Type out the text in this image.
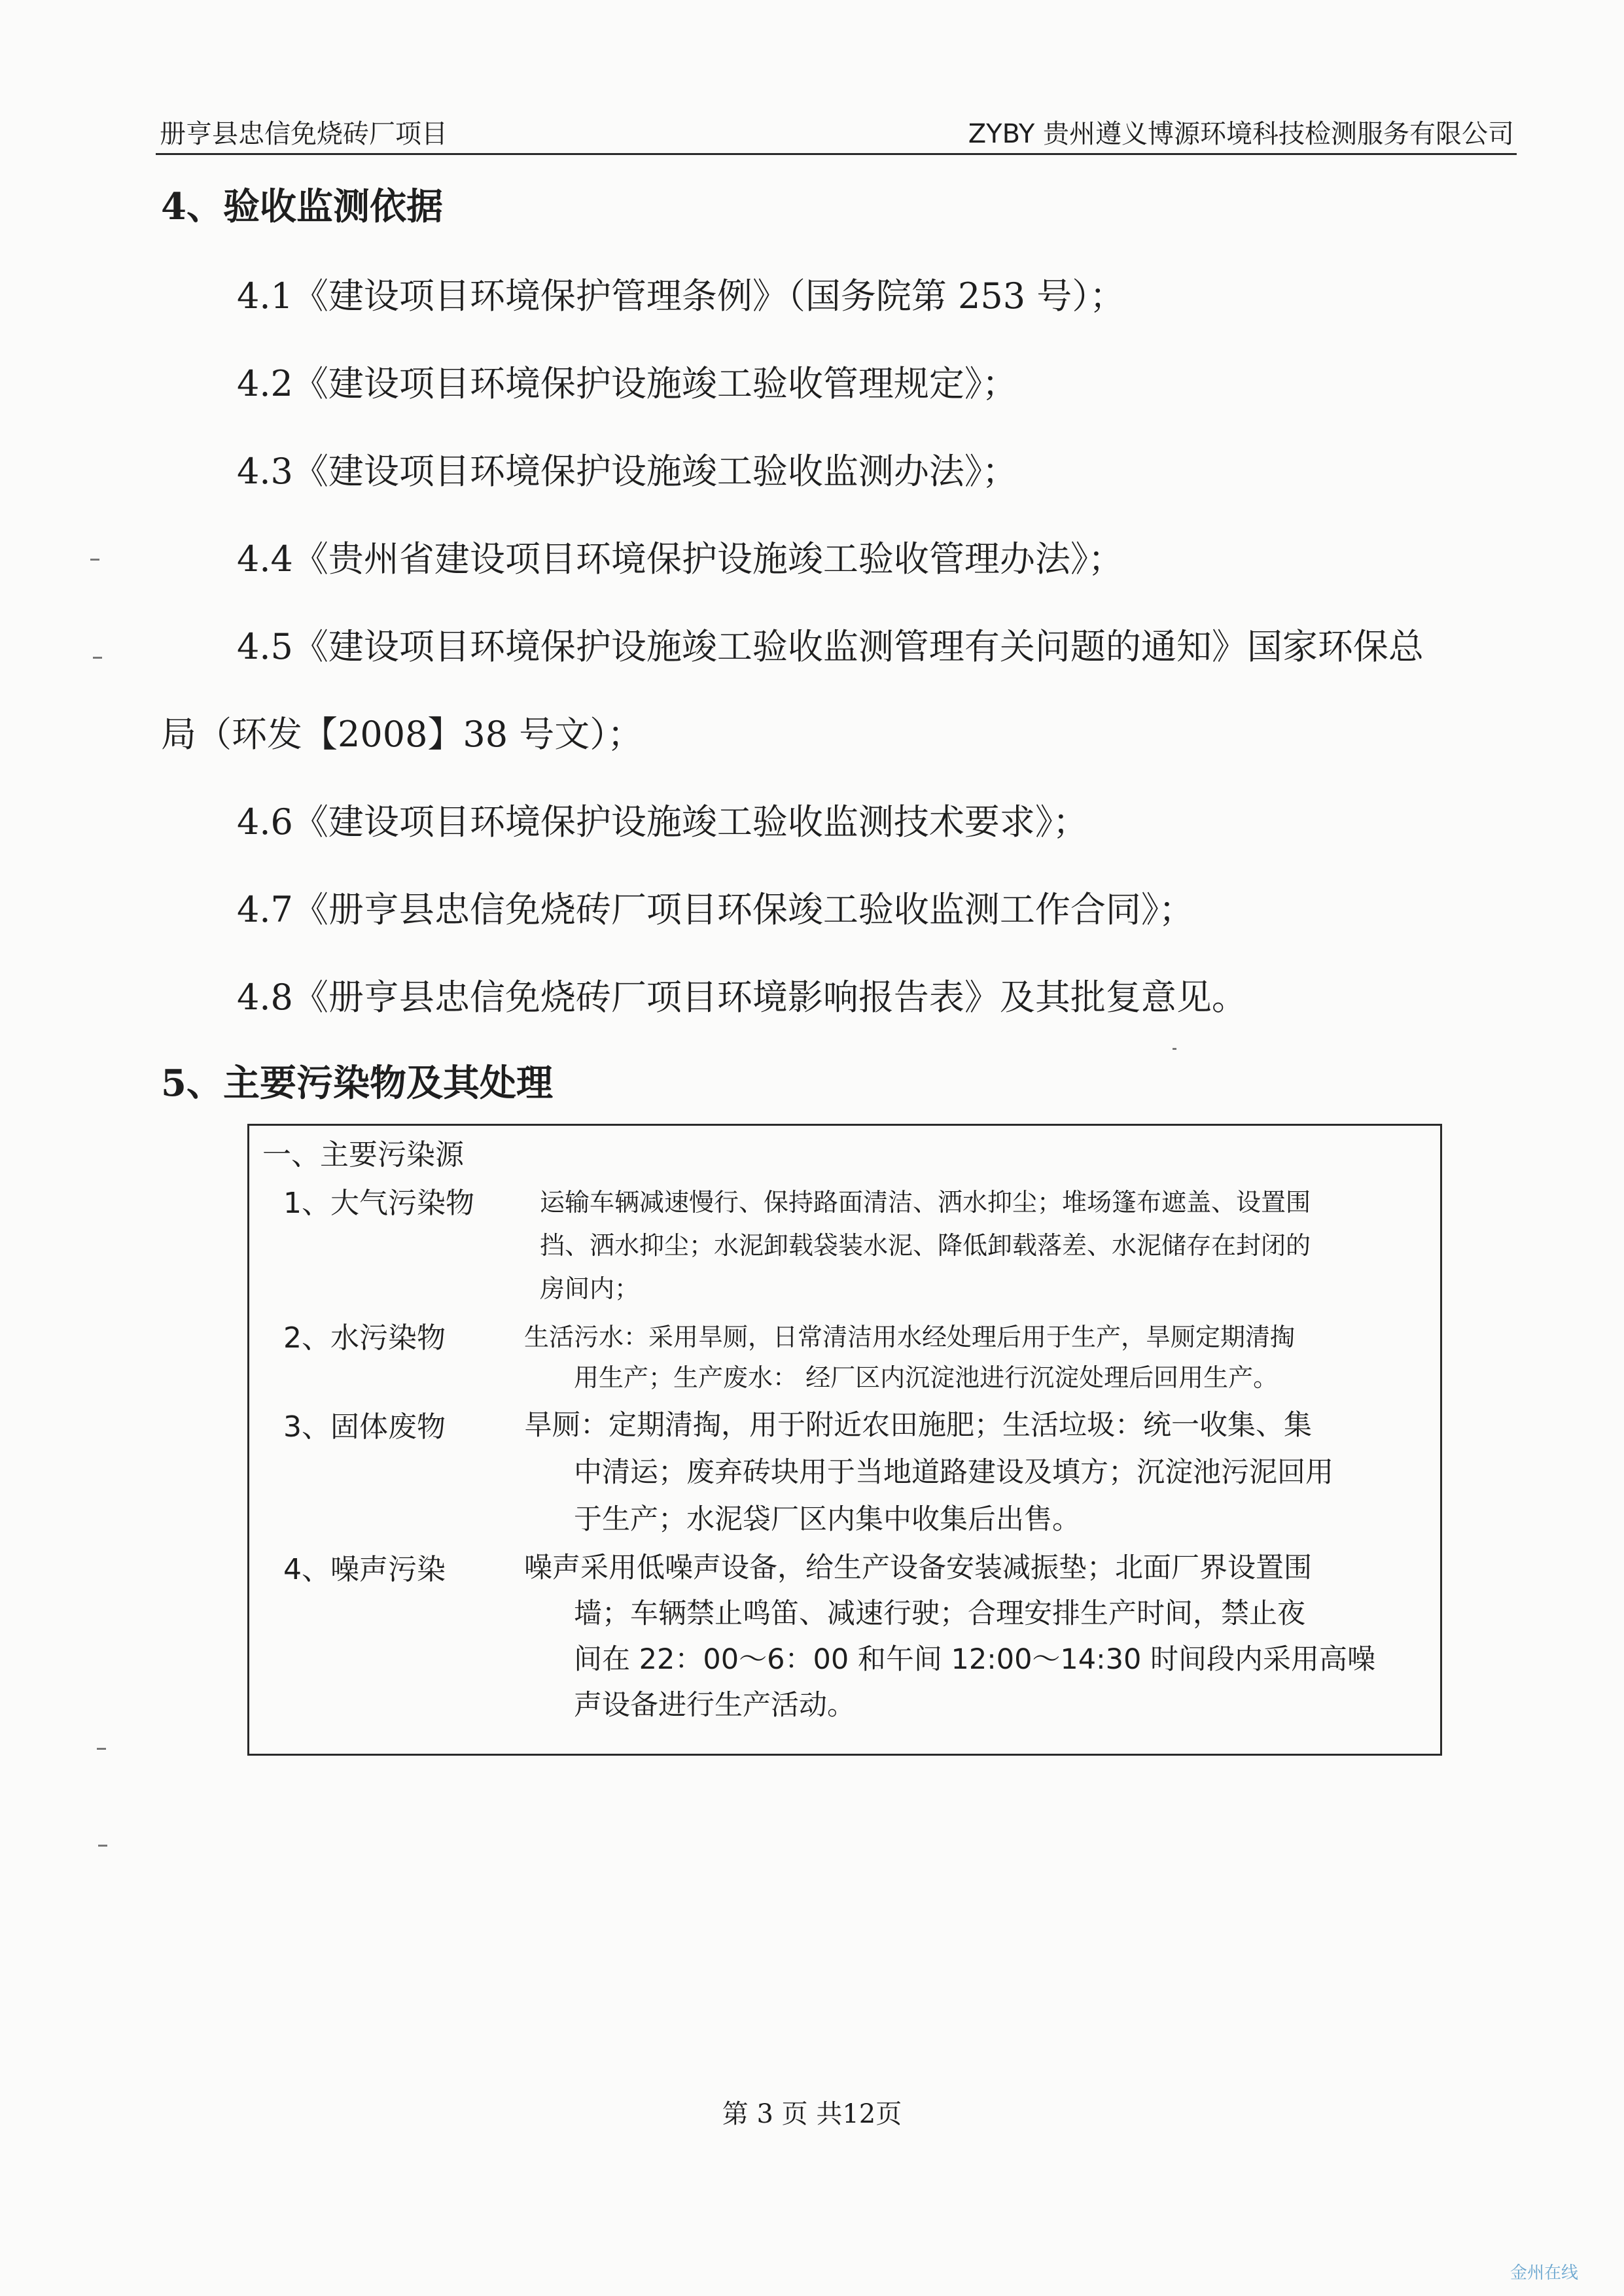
册亨县忠信免烧砖厂项目	ZYBY 贵州遵义博源环境科技检测服务有限公司
4、验收监测依据
4.1《建设项目环境保护管理条例》（国务院第 253 号）；
4.2《建设项目环境保护设施竣工验收管理规定》；
4.3《建设项目环境保护设施竣工验收监测办法》；
4.4《贵州省建设项目环境保护设施竣工验收管理办法》；
4.5《建设项目环境保护设施竣工验收监测管理有关问题的通知》国家环保总
局（环发【2008】38 号文）；
4.6《建设项目环境保护设施竣工验收监测技术要求》；
4.7《册亨县忠信免烧砖厂项目环保竣工验收监测工作合同》；
4.8《册亨县忠信免烧砖厂项目环境影响报告表》及其批复意见。
5、主要污染物及其处理
一、主要污染源
1、大气污染物	运输车辆减速慢行、保持路面清洁、洒水抑尘；堆场篷布遮盖、设置围
挡、洒水抑尘；水泥卸载袋装水泥、降低卸载落差、水泥储存在封闭的
房间内；
2、水污染物	生活污水：采用旱厕，日常清洁用水经处理后用于生产，旱厕定期清掏
用生产；生产废水： 经厂区内沉淀池进行沉淀处理后回用生产。
3、固体废物	旱厕：定期清掏，用于附近农田施肥；生活垃圾：统一收集、集
中清运；废弃砖块用于当地道路建设及填方；沉淀池污泥回用
于生产；水泥袋厂区内集中收集后出售。
4、噪声污染	噪声采用低噪声设备，给生产设备安装减振垫；北面厂界设置围
墙；车辆禁止鸣笛、减速行驶；合理安排生产时间，禁止夜
间在 22：00～6：00 和午间 12:00～14:30 时间段内采用高噪
声设备进行生产活动。
第 3 页 共12页
金州在线
